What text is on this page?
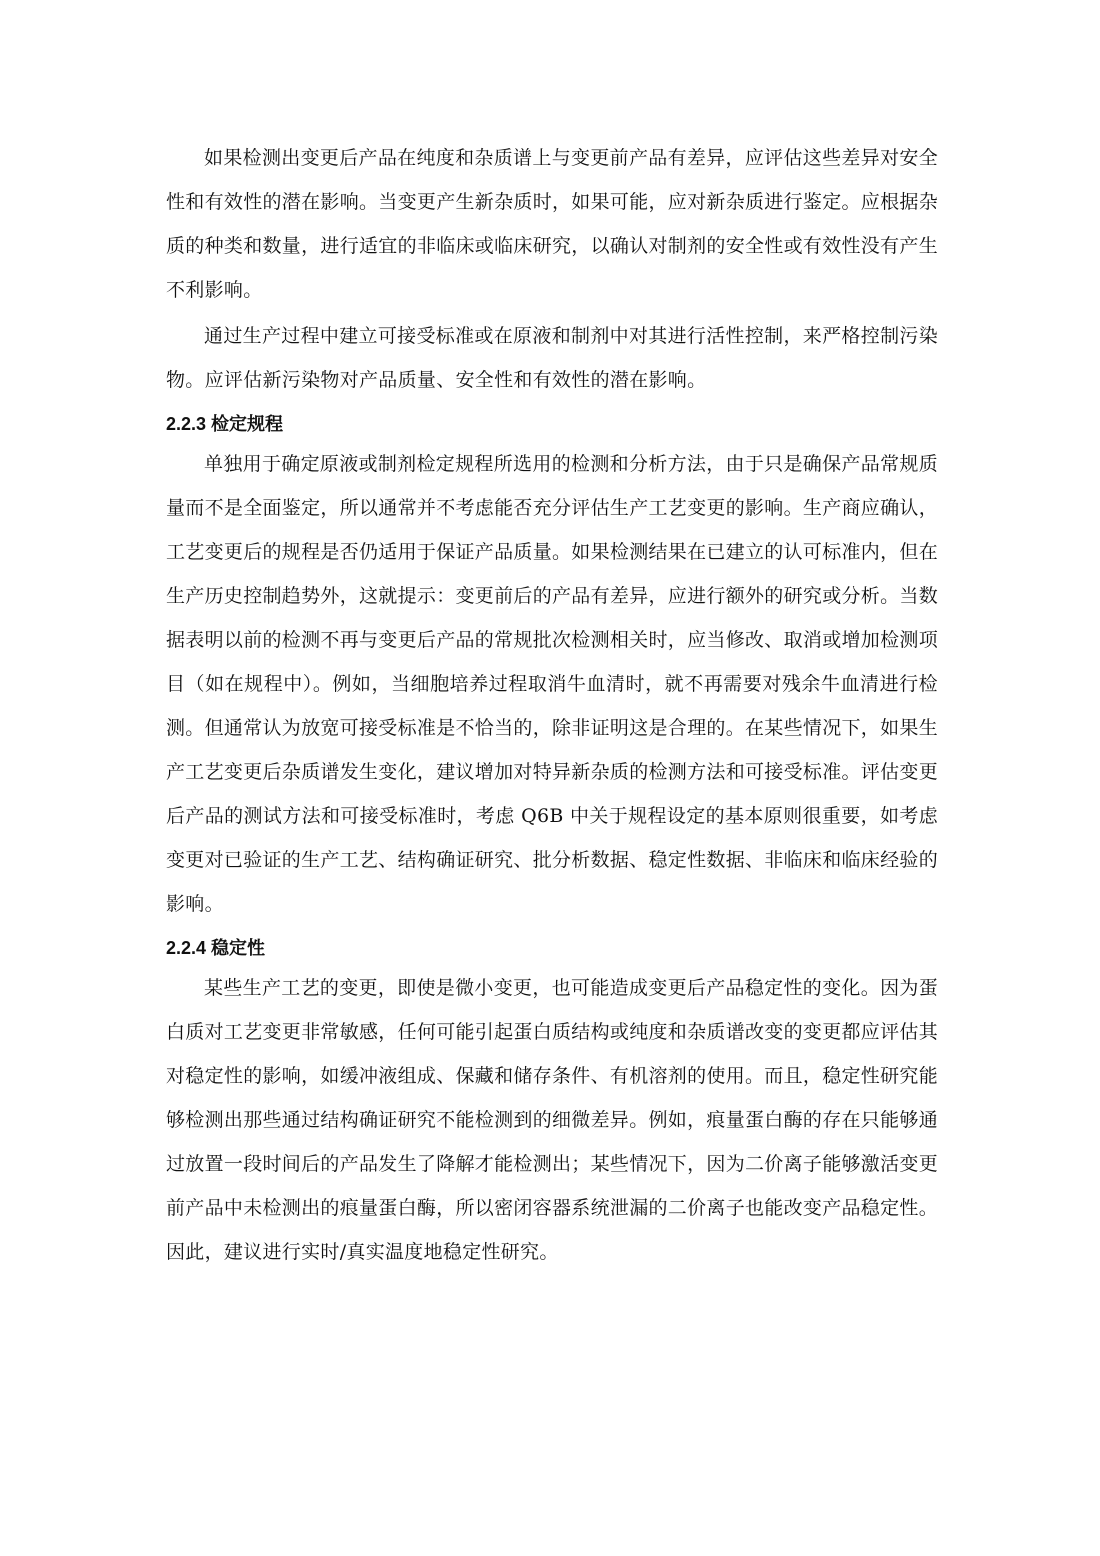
如果检测出变更后产品在纯度和杂质谱上与变更前产品有差异，应评估这些差异对安全性和有效性的潜在影响。当变更产生新杂质时，如果可能，应对新杂质进行鉴定。应根据杂质的种类和数量，进行适宜的非临床或临床研究，以确认对制剂的安全性或有效性没有产生不利影响。

通过生产过程中建立可接受标准或在原液和制剂中对其进行活性控制，来严格控制污染物。应评估新污染物对产品质量、安全性和有效性的潜在影响。

2.2.3 检定规程

单独用于确定原液或制剂检定规程所选用的检测和分析方法，由于只是确保产品常规质量而不是全面鉴定，所以通常并不考虑能否充分评估生产工艺变更的影响。生产商应确认，工艺变更后的规程是否仍适用于保证产品质量。如果检测结果在已建立的认可标准内，但在生产历史控制趋势外，这就提示：变更前后的产品有差异，应进行额外的研究或分析。当数据表明以前的检测不再与变更后产品的常规批次检测相关时，应当修改、取消或增加检测项目（如在规程中）。例如，当细胞培养过程取消牛血清时，就不再需要对残余牛血清进行检测。但通常认为放宽可接受标准是不恰当的，除非证明这是合理的。在某些情况下，如果生产工艺变更后杂质谱发生变化，建议增加对特异新杂质的检测方法和可接受标准。评估变更后产品的测试方法和可接受标准时，考虑 Q6B 中关于规程设定的基本原则很重要，如考虑变更对已验证的生产工艺、结构确证研究、批分析数据、稳定性数据、非临床和临床经验的影响。

2.2.4 稳定性

某些生产工艺的变更，即使是微小变更，也可能造成变更后产品稳定性的变化。因为蛋白质对工艺变更非常敏感，任何可能引起蛋白质结构或纯度和杂质谱改变的变更都应评估其对稳定性的影响，如缓冲液组成、保藏和储存条件、有机溶剂的使用。而且，稳定性研究能够检测出那些通过结构确证研究不能检测到的细微差异。例如，痕量蛋白酶的存在只能够通过放置一段时间后的产品发生了降解才能检测出；某些情况下，因为二价离子能够激活变更前产品中未检测出的痕量蛋白酶，所以密闭容器系统泄漏的二价离子也能改变产品稳定性。因此，建议进行实时/真实温度地稳定性研究。
